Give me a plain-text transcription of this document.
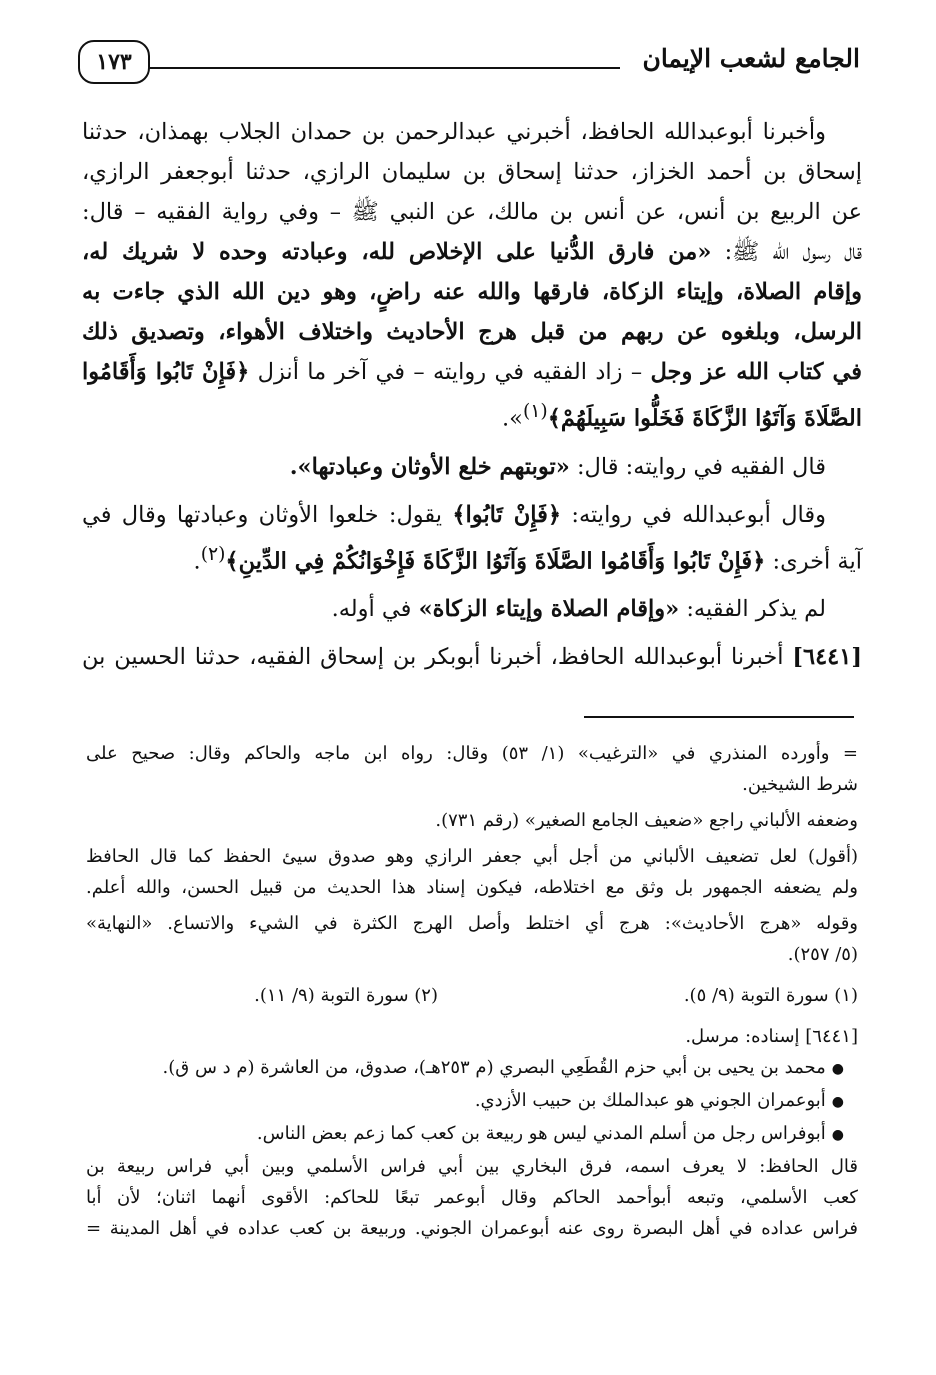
الجامع لشعب الإيمان
١٧٣
وأخبرنا أبوعبدالله الحافظ، أخبرني عبدالرحمن بن حمدان الجلاب بهمذان، حدثنا
إسحاق بن أحمد الخزاز، حدثنا إسحاق بن سليمان الرازي، حدثنا أبوجعفر الرازي،
عن الربيع بن أنس، عن أنس بن مالك، عن النبي ﷺ – وفي رواية الفقيه – قال:
قال رسول الله ﷺ: «من فارق الدُّنيا على الإخلاص لله، وعبادته وحده لا شريك له،
وإقام الصلاة، وإيتاء الزكاة، فارقها والله عنه راضٍ، وهو دين الله الذي جاءت به
الرسل، وبلغوه عن ربهم من قبل هرج الأحاديث واختلاف الأهواء، وتصديق ذلك
في كتاب الله عز وجل – زاد الفقيه في روايته – في آخر ما أنزل ﴿فَإِنْ تَابُوا وَأَقَامُوا
الصَّلَاةَ وَآتَوُا الزَّكَاةَ فَخَلُّوا سَبِيلَهُمْ﴾$^{(١)}$».
قال الفقيه في روايته: قال: «توبتهم خلع الأوثان وعبادتها».
وقال أبوعبدالله في روايته: ﴿فَإِنْ تَابُوا﴾ يقول: خلعوا الأوثان وعبادتها وقال في
آية أخرى: ﴿فَإِنْ تَابُوا وَأَقَامُوا الصَّلَاةَ وَآتَوُا الزَّكَاةَ فَإِخْوَانُكُمْ فِي الدِّينِ﴾$^{(٢)}$.
لم يذكر الفقيه: «وإقام الصلاة وإيتاء الزكاة» في أوله.
[٦٤٤١] أخبرنا أبوعبدالله الحافظ، أخبرنا أبوبكر بن إسحاق الفقيه، حدثنا الحسين بن
= وأورده المنذري في «الترغيب» (١/ ٥٣) وقال: رواه ابن ماجه والحاكم وقال: صحيح على
شرط الشيخين.
وضعفه الألباني راجع «ضعيف الجامع الصغير» (رقم ٧٣١).
(أقول) لعل تضعيف الألباني من أجل أبي جعفر الرازي وهو صدوق سيئ الحفظ كما قال الحافظ
ولم يضعفه الجمهور بل وثق مع اختلاطه، فيكون إسناد هذا الحديث من قبيل الحسن، والله أعلم.
وقوله «هرج الأحاديث»: هرج أي اختلط وأصل الهرج الكثرة في الشيء والاتساع. «النهاية»
(٥/ ٢٥٧).
(١) سورة التوبة (٩/ ٥).
(٢) سورة التوبة (٩/ ١١).
[٦٤٤١] إسناده: مرسل.
●محمد بن يحيى بن أبي حزم القُطَعِي البصري (م ٢٥٣هـ)، صدوق، من العاشرة (م د س ق).
●أبوعمران الجوني هو عبدالملك بن حبيب الأزدي.
●أبوفراس رجل من أسلم المدني ليس هو ربيعة بن كعب كما زعم بعض الناس.
قال الحافظ: لا يعرف اسمه، فرق البخاري بين أبي فراس الأسلمي وبين أبي فراس ربيعة بن
كعب الأسلمي، وتبعه أبوأحمد الحاكم وقال أبوعمر تبعًا للحاكم: الأقوى أنهما اثنان؛ لأن أبا
فراس عداده في أهل البصرة روى عنه أبوعمران الجوني. وربيعة بن كعب عداده في أهل المدينة =
